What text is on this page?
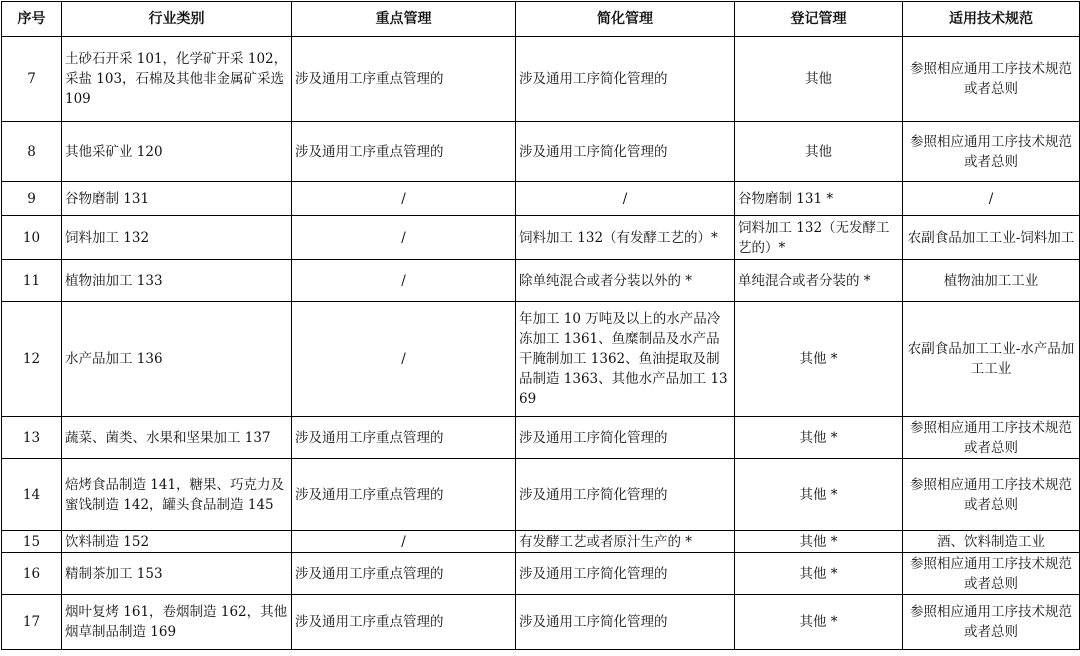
序号	行业类别	重点管理	简化管理	登记管理	适用技术规范
7	土砂石开采 101，化学矿开采 102，采盐 103，石棉及其他非金属矿采选 109	涉及通用工序重点管理的	涉及通用工序简化管理的	其他	参照相应通用工序技术规范或者总则
8	其他采矿业 120	涉及通用工序重点管理的	涉及通用工序简化管理的	其他	参照相应通用工序技术规范或者总则
9	谷物磨制 131	/	/	谷物磨制 131 *	/
10	饲料加工 132	/	饲料加工 132（有发酵工艺的）*	饲料加工 132（无发酵工艺的）*	农副食品加工工业-饲料加工
11	植物油加工 133	/	除单纯混合或者分装以外的 *	单纯混合或者分装的 *	植物油加工工业
12	水产品加工 136	/	年加工 10 万吨及以上的水产品冷冻加工 1361、鱼糜制品及水产品干腌制加工 1362、鱼油提取及制品制造 1363、其他水产品加工 1369	其他 *	农副食品加工工业-水产品加工工业
13	蔬菜、菌类、水果和坚果加工 137	涉及通用工序重点管理的	涉及通用工序简化管理的	其他 *	参照相应通用工序技术规范或者总则
14	焙烤食品制造 141，糖果、巧克力及蜜饯制造 142，罐头食品制造 145	涉及通用工序重点管理的	涉及通用工序简化管理的	其他 *	参照相应通用工序技术规范或者总则
15	饮料制造 152	/	有发酵工艺或者原汁生产的 *	其他 *	酒、饮料制造工业
16	精制茶加工 153	涉及通用工序重点管理的	涉及通用工序简化管理的	其他 *	参照相应通用工序技术规范或者总则
17	烟叶复烤 161，卷烟制造 162，其他烟草制品制造 169	涉及通用工序重点管理的	涉及通用工序简化管理的	其他 *	参照相应通用工序技术规范或者总则
